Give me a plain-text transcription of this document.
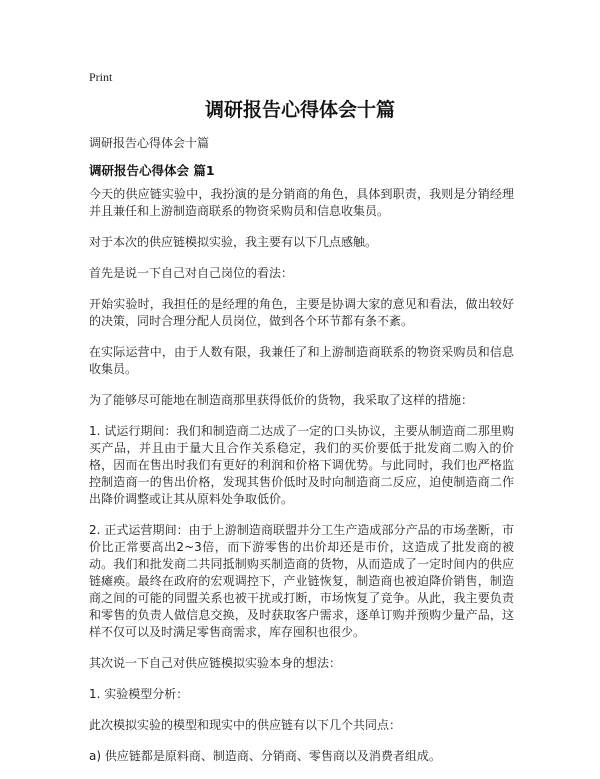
Print
调研报告心得体会十篇
调研报告心得体会十篇
调研报告心得体会 篇1

今天的供应链实验中，我扮演的是分销商的角色，具体到职责，我则是分销经理并且兼任和上游制造商联系的物资采购员和信息收集员。

对于本次的供应链模拟实验，我主要有以下几点感触。

首先是说一下自己对自己岗位的看法：

开始实验时，我担任的是经理的角色，主要是协调大家的意见和看法，做出较好的决策，同时合理分配人员岗位，做到各个环节都有条不紊。

在实际运营中，由于人数有限，我兼任了和上游制造商联系的物资采购员和信息收集员。

为了能够尽可能地在制造商那里获得低价的货物，我采取了这样的措施：

1. 试运行期间：我们和制造商二达成了一定的口头协议，主要从制造商二那里购买产品，并且由于量大且合作关系稳定，我们的买价要低于批发商二购入的价格，因而在售出时我们有更好的利润和价格下调优势。与此同时，我们也严格监控制造商一的售出价格，发现其售价低时及时向制造商二反应，迫使制造商二作出降价调整或让其从原料处争取低价。

2. 正式运营期间：由于上游制造商联盟并分工生产造成部分产品的市场垄断，市价比正常要高出2~3倍，而下游零售的出价却还是市价，这造成了批发商的被动。我们和批发商二共同抵制购买制造商的货物，从而造成了一定时间内的供应链瘫痪。最终在政府的宏观调控下，产业链恢复，制造商也被迫降价销售，制造商之间的可能的同盟关系也被干扰或打断，市场恢复了竞争。从此，我主要负责和零售的负责人做信息交换，及时获取客户需求，逐单订购并预购少量产品，这样不仅可以及时满足零售商需求，库存囤积也很少。

其次说一下自己对供应链模拟实验本身的想法：

1. 实验模型分析：

此次模拟实验的模型和现实中的供应链有以下几个共同点：

a) 供应链都是原料商、制造商、分销商、零售商以及消费者组成。
